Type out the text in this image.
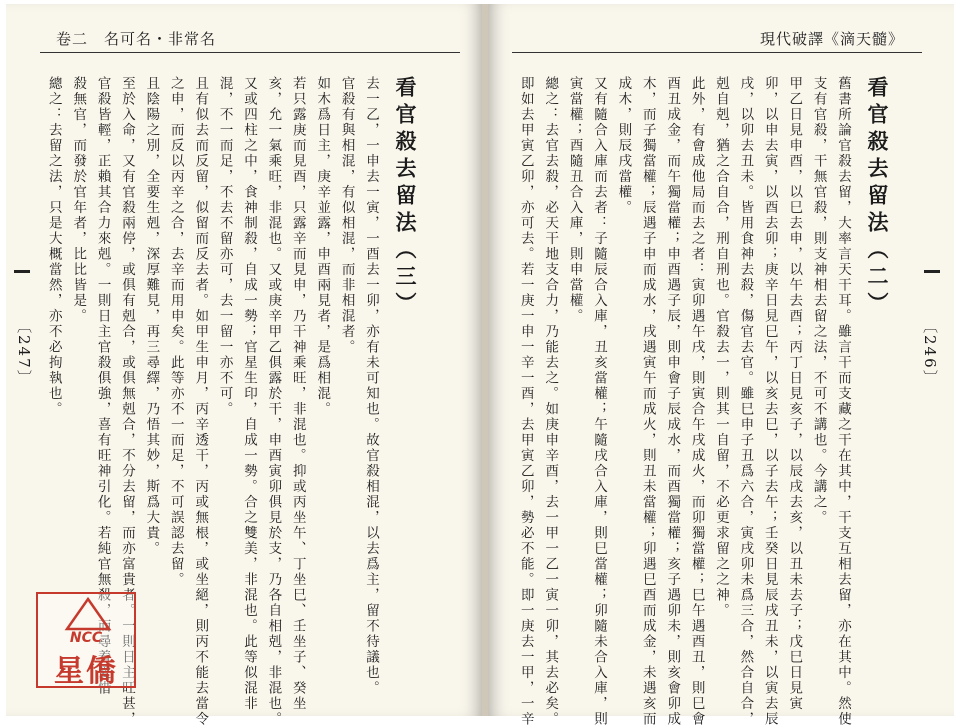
卷二　名可名・非常名	現代破譯《滴天髓》
〔247〕	〔246〕
看官殺去留法（二）
看官殺去留法（三）	舊書所論官殺去留，大率言天干耳。雖言干而支藏之干在其中，干支互相去留，亦在其中。然使
支有官殺，干無官殺，則支神相去留之法，不可不講也。今講之。
甲乙日見申酉，以巳去申，以午去酉；丙丁日見亥子，以辰戌去亥，以丑未去子；戊巳日見寅
卯，以申去寅，以酉去卯；庚辛日見巳午，以亥去巳，以子去午；壬癸日見辰戌丑未，以寅去辰
戌，以卯去丑未。皆用食神去殺，傷官去官。雖巳申子丑爲六合，寅戌卯未爲三合，然合自合，
剋自剋，猶之合自合，刑自刑也。官殺去一，則其一自留，不必更求留之之神。
此外，有會成他局而去之者：寅卯遇午戌，則寅合午戌成火，而卯獨當權；巳午遇酉丑，則巳會
酉丑成金，而午獨當權；申酉遇子辰，則申會子辰成水，而酉獨當權；亥子遇卯未，則亥會卯成
木，而子獨當權；辰遇子申而成水，戌遇寅午而成火，則丑未當權；卯遇巳酉而成金，未遇亥而
成木，則辰戌當權。
又有隨合入庫而去者：子隨辰合入庫，丑亥當權；午隨戌合入庫，則巳當權；卯隨未合入庫，則
寅當權；酉隨丑合入庫，則申當權。
總之：去官去殺，必天干地支合力，乃能去之。如庚申辛酉，去一甲一乙一寅一卯，其去必矣。
即如去甲寅乙卯，亦可去。若一庚一申一辛一酉，去甲寅乙卯，勢必不能。即一庚去一甲，一辛
去一乙，一申去一寅，一酉去一卯，亦有未可知也。故官殺相混，以去爲主，留不待議也。
官殺有與相混，有似相混，而非相混者。
如木爲日主，庚辛並露，申酉兩見者，是爲相混。
若只露庚而見酉，只露辛而見申，乃干神乘旺，非混也。抑或丙坐午、丁坐巳、壬坐子、癸坐
亥，允一氣乘旺，非混也。又或庚辛甲乙俱露於干，申酉寅卯俱見於支，乃各自相剋，非混也。
又或四柱之中，食神制殺，自成一勢；官星生印，自成一勢。合之雙美，非混也。此等似混非
混，不一而足，不去不留亦可，去一留一亦不可。
且有似去而反留，似留而反去者。如甲生申月，丙辛透干，丙或無根，或坐絕，則丙不能去當令
之申，而反以丙辛之合，去辛而用申矣。此等亦不一而足，不可誤認去留。
且陰陽之別，全要生剋，深厚難見，再三尋繹，乃悟其妙，斯爲大貴。
至於入命，又有官殺兩停，或俱有剋合，或俱無剋合，不分去留，而亦富貴者。一則日主旺甚，
官殺皆輕，正賴其合力來剋。一則日主官殺俱強，喜有旺神引化。若純官無殺，而尋着愛惜
殺無官，而發於官年者，比比皆是。
總之：去留之法，只是大概當然，亦不必拘執也。
NCC
星僑
